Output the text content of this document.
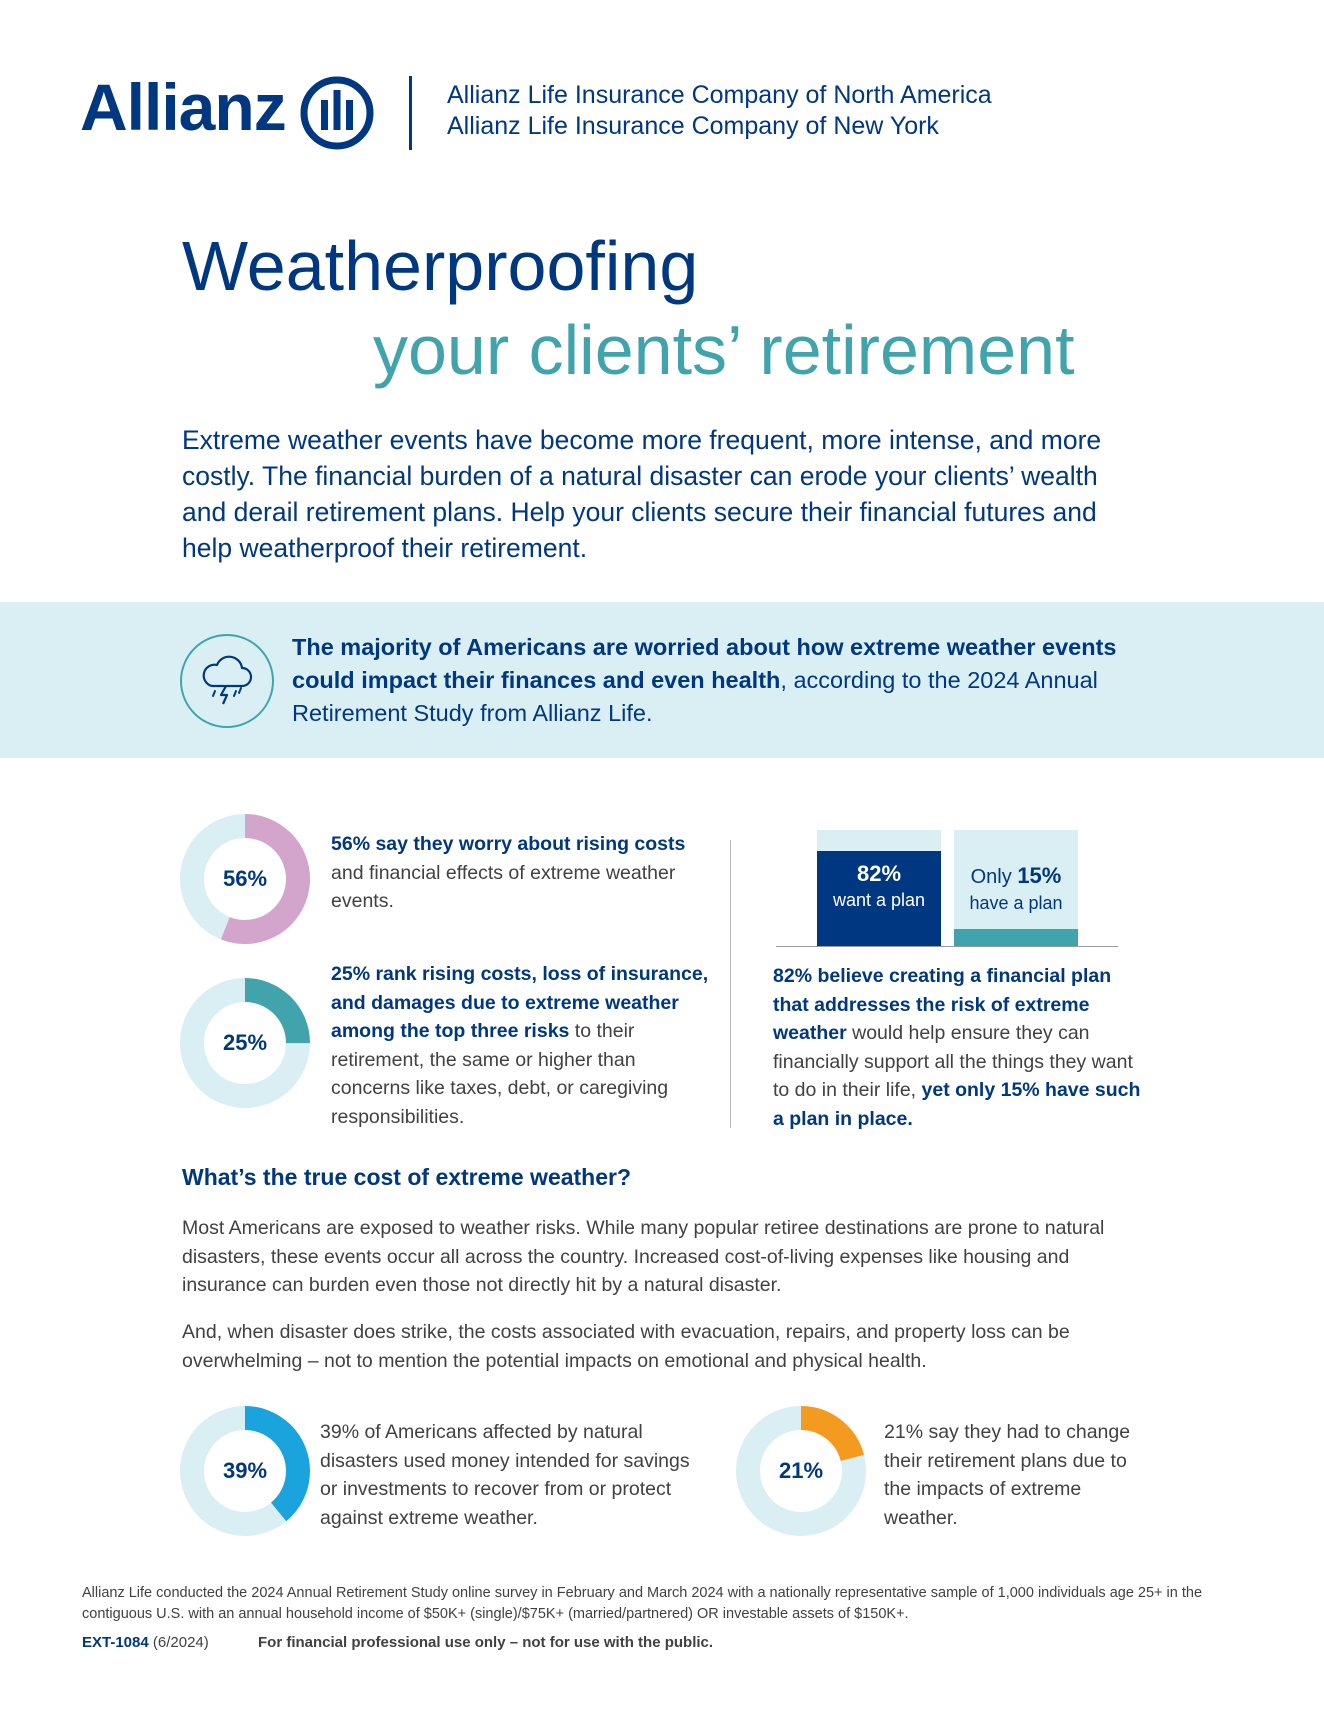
Allianz	Allianz Life Insurance Company of North America
Allianz Life Insurance Company of New York
Weatherproofing
your clients’ retirement
Extreme weather events have become more frequent, more intense, and more costly. The financial burden of a natural disaster can erode your clients’ wealth and derail retirement plans. Help your clients secure their financial futures and help weatherproof their retirement.
The majority of Americans are worried about how extreme weather events could impact their finances and even health, according to the 2024 Annual Retirement Study from Allianz Life.
56%
56% say they worry about rising costs and financial effects of extreme weather events.
25%
25% rank rising costs, loss of insurance, and damages due to extreme weather among the top three risks to their retirement, the same or higher than concerns like taxes, debt, or caregiving responsibilities.
82%
want a plan
Only 15%
have a plan
82% believe creating a financial plan that addresses the risk of extreme weather would help ensure they can financially support all the things they want to do in their life, yet only 15% have such a plan in place.
What’s the true cost of extreme weather?
Most Americans are exposed to weather risks. While many popular retiree destinations are prone to natural disasters, these events occur all across the country. Increased cost-of-living expenses like housing and insurance can burden even those not directly hit by a natural disaster.
And, when disaster does strike, the costs associated with evacuation, repairs, and property loss can be overwhelming – not to mention the potential impacts on emotional and physical health.
39%
39% of Americans affected by natural disasters used money intended for savings or investments to recover from or protect against extreme weather.
21%
21% say they had to change their retirement plans due to the impacts of extreme weather.
Allianz Life conducted the 2024 Annual Retirement Study online survey in February and March 2024 with a nationally representative sample of 1,000 individuals age 25+ in the contiguous U.S. with an annual household income of $50K+ (single)/$75K+ (married/partnered) OR investable assets of $150K+.
EXT-1084 (6/2024)	For financial professional use only – not for use with the public.
